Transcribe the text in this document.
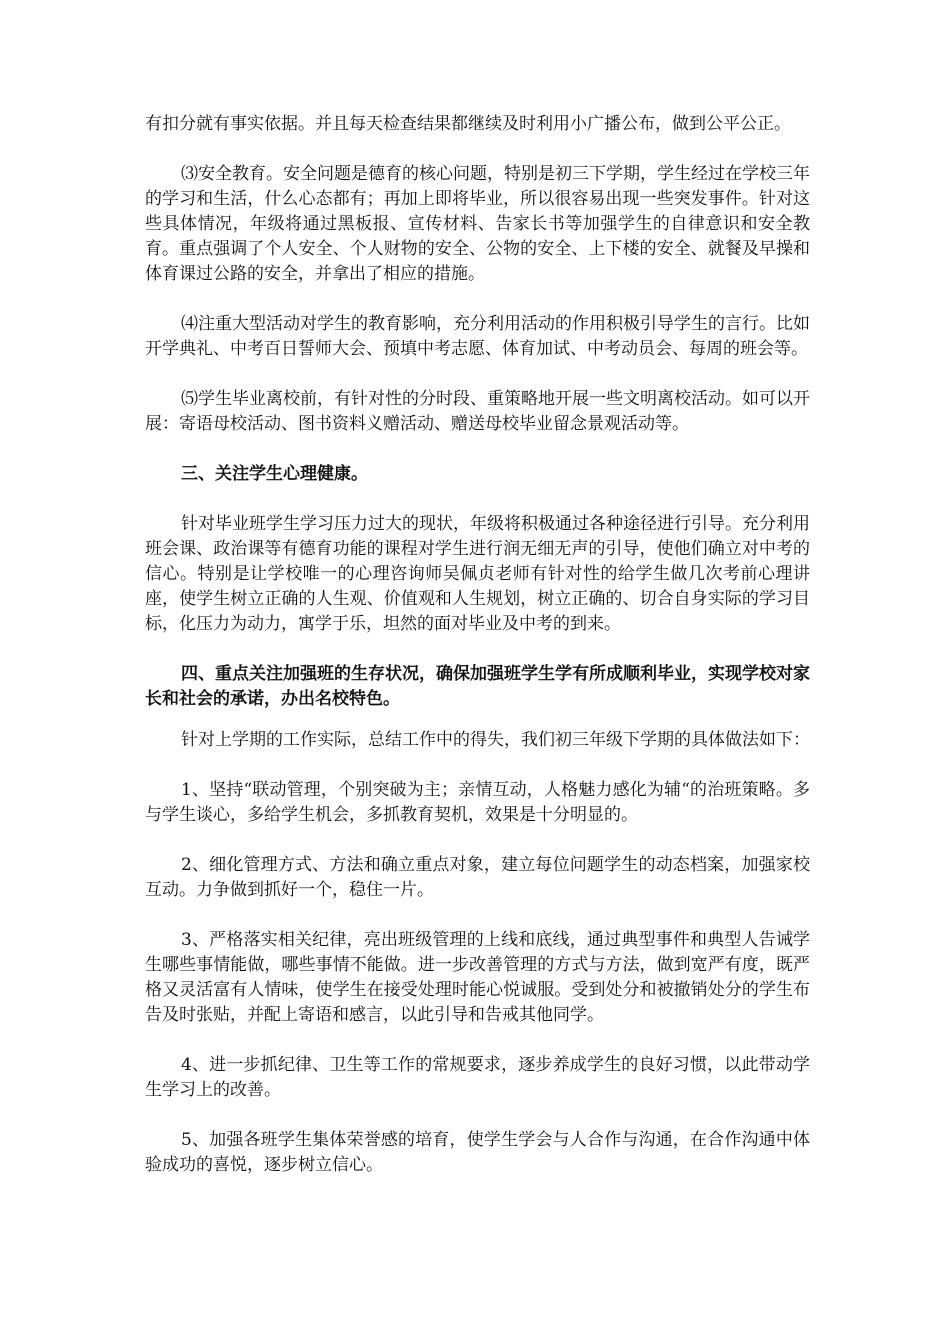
有扣分就有事实依据。并且每天检查结果都继续及时利用小广播公布，做到公平公正。

⑶安全教育。安全问题是德育的核心问题，特别是初三下学期，学生经过在学校三年的学习和生活，什么心态都有；再加上即将毕业，所以很容易出现一些突发事件。针对这些具体情况，年级将通过黑板报、宣传材料、告家长书等加强学生的自律意识和安全教育。重点强调了个人安全、个人财物的安全、公物的安全、上下楼的安全、就餐及早操和体育课过公路的安全，并拿出了相应的措施。

⑷注重大型活动对学生的教育影响，充分利用活动的作用积极引导学生的言行。比如开学典礼、中考百日誓师大会、预填中考志愿、体育加试、中考动员会、每周的班会等。

⑸学生毕业离校前，有针对性的分时段、重策略地开展一些文明离校活动。如可以开展：寄语母校活动、图书资料义赠活动、赠送母校毕业留念景观活动等。

三、关注学生心理健康。

针对毕业班学生学习压力过大的现状，年级将积极通过各种途径进行引导。充分利用班会课、政治课等有德育功能的课程对学生进行润无细无声的引导，使他们确立对中考的信心。特别是让学校唯一的心理咨询师吴佩贞老师有针对性的给学生做几次考前心理讲座，使学生树立正确的人生观、价值观和人生规划，树立正确的、切合自身实际的学习目标，化压力为动力，寓学于乐，坦然的面对毕业及中考的到来。

四、重点关注加强班的生存状况，确保加强班学生学有所成顺利毕业，实现学校对家长和社会的承诺，办出名校特色。

针对上学期的工作实际，总结工作中的得失，我们初三年级下学期的具体做法如下：

1、坚持“联动管理，个别突破为主；亲情互动，人格魅力感化为辅“的治班策略。多与学生谈心，多给学生机会，多抓教育契机，效果是十分明显的。

2、细化管理方式、方法和确立重点对象，建立每位问题学生的动态档案，加强家校互动。力争做到抓好一个，稳住一片。

3、严格落实相关纪律，亮出班级管理的上线和底线，通过典型事件和典型人告诫学生哪些事情能做，哪些事情不能做。进一步改善管理的方式与方法，做到宽严有度，既严格又灵活富有人情味，使学生在接受处理时能心悦诚服。受到处分和被撤销处分的学生布告及时张贴，并配上寄语和感言，以此引导和告戒其他同学。

4、进一步抓纪律、卫生等工作的常规要求，逐步养成学生的良好习惯，以此带动学生学习上的改善。

5、加强各班学生集体荣誉感的培育，使学生学会与人合作与沟通，在合作沟通中体验成功的喜悦，逐步树立信心。
